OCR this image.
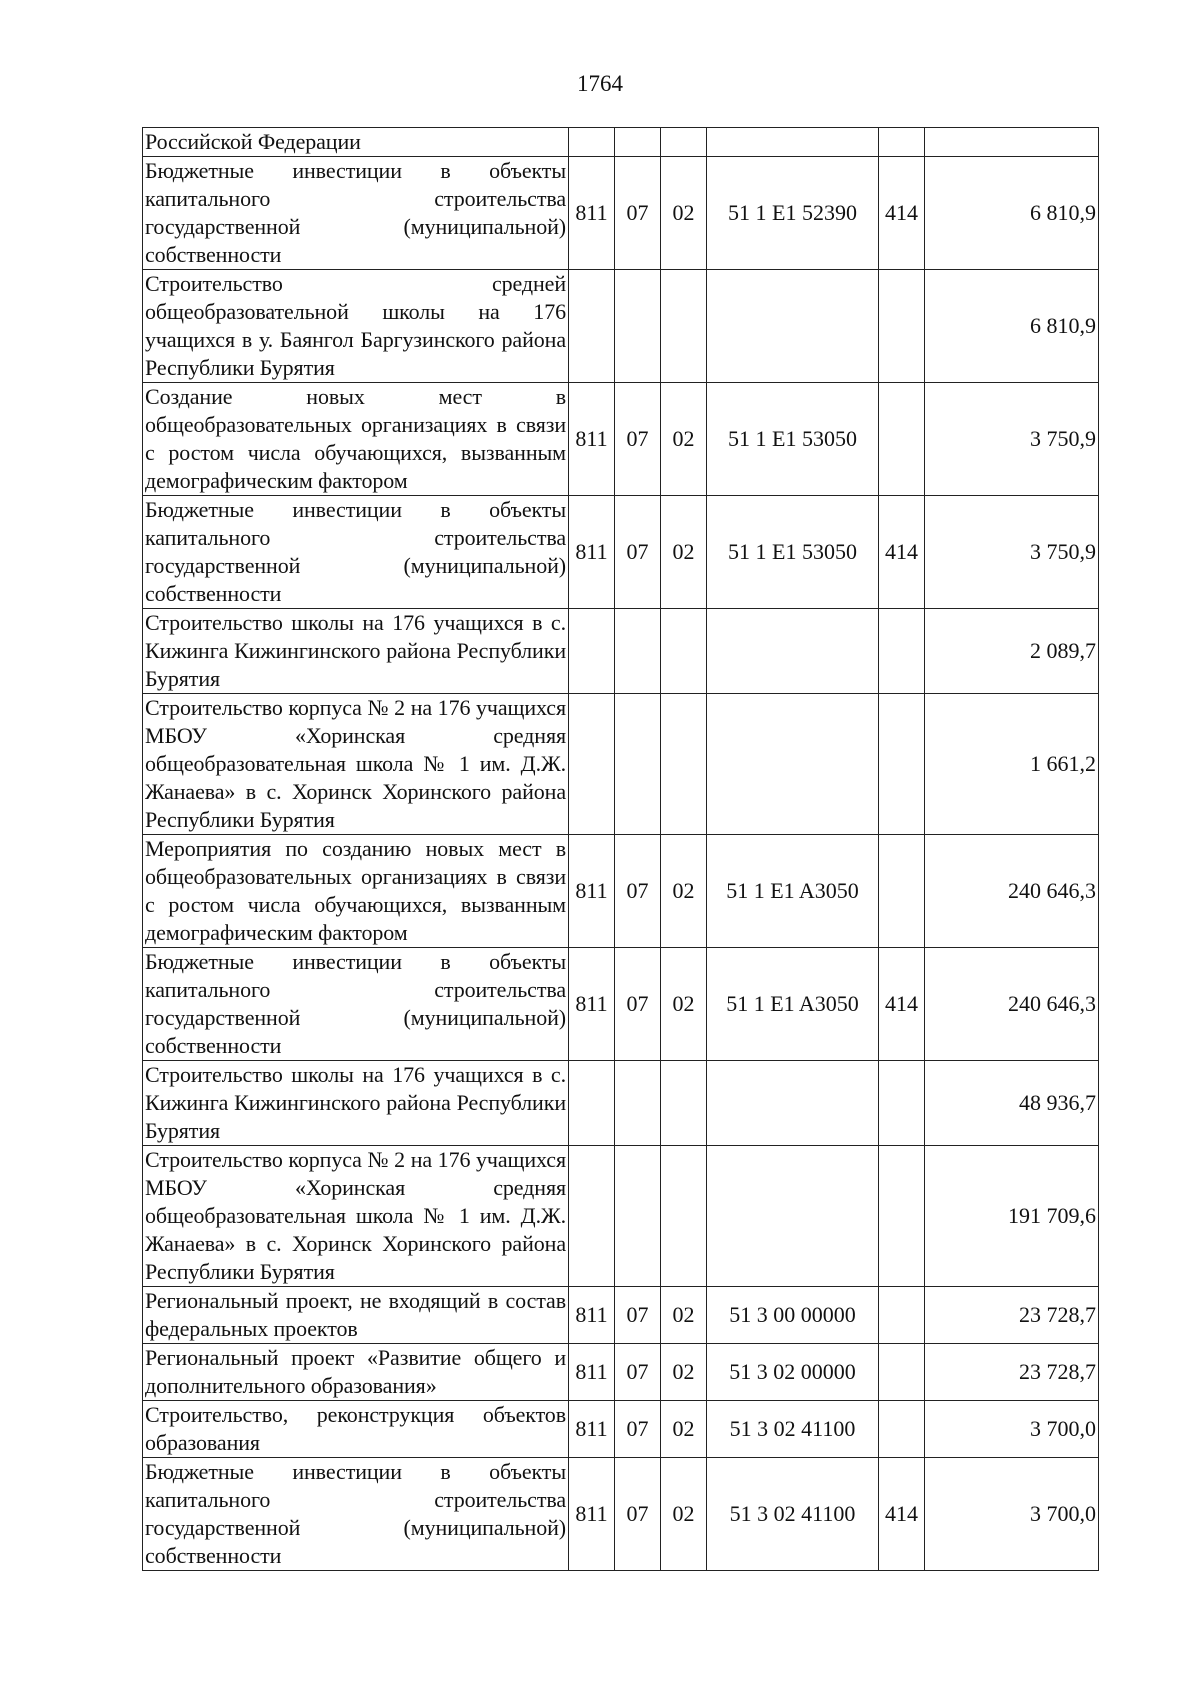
1764
Российской Федерации						
Бюджетные инвестиции в объекты капитального строительства государственной (муниципальной) собственности	811	07	02	51 1 E1 52390	414	6 810,9
Строительство средней общеобразовательной школы на 176 учащихся в у. Баянгол Баргузинского района Республики Бурятия						6 810,9
Создание новых мест в общеобразовательных организациях в связи с ростом числа обучающихся, вызванным демографическим фактором	811	07	02	51 1 E1 53050		3 750,9
Бюджетные инвестиции в объекты капитального строительства государственной (муниципальной) собственности	811	07	02	51 1 E1 53050	414	3 750,9
Строительство школы на 176 учащихся в с. Кижинга Кижингинского района Республики Бурятия						2 089,7
Строительство корпуса № 2 на 176 учащихся МБОУ «Хоринская средняя общеобразовательная школа № 1 им. Д.Ж. Жанаева» в с. Хоринск Хоринского района Республики Бурятия						1 661,2
Мероприятия по созданию новых мест в общеобразовательных организациях в связи с ростом числа обучающихся, вызванным демографическим фактором	811	07	02	51 1 E1 A3050		240 646,3
Бюджетные инвестиции в объекты капитального строительства государственной (муниципальной) собственности	811	07	02	51 1 E1 A3050	414	240 646,3
Строительство школы на 176 учащихся в с. Кижинга Кижингинского района Республики Бурятия						48 936,7
Строительство корпуса № 2 на 176 учащихся МБОУ «Хоринская средняя общеобразовательная школа № 1 им. Д.Ж. Жанаева» в с. Хоринск Хоринского района Республики Бурятия						191 709,6
Региональный проект, не входящий в состав федеральных проектов	811	07	02	51 3 00 00000		23 728,7
Региональный проект «Развитие общего и дополнительного образования»	811	07	02	51 3 02 00000		23 728,7
Строительство, реконструкция объектов образования	811	07	02	51 3 02 41100		3 700,0
Бюджетные инвестиции в объекты капитального строительства государственной (муниципальной) собственности	811	07	02	51 3 02 41100	414	3 700,0
